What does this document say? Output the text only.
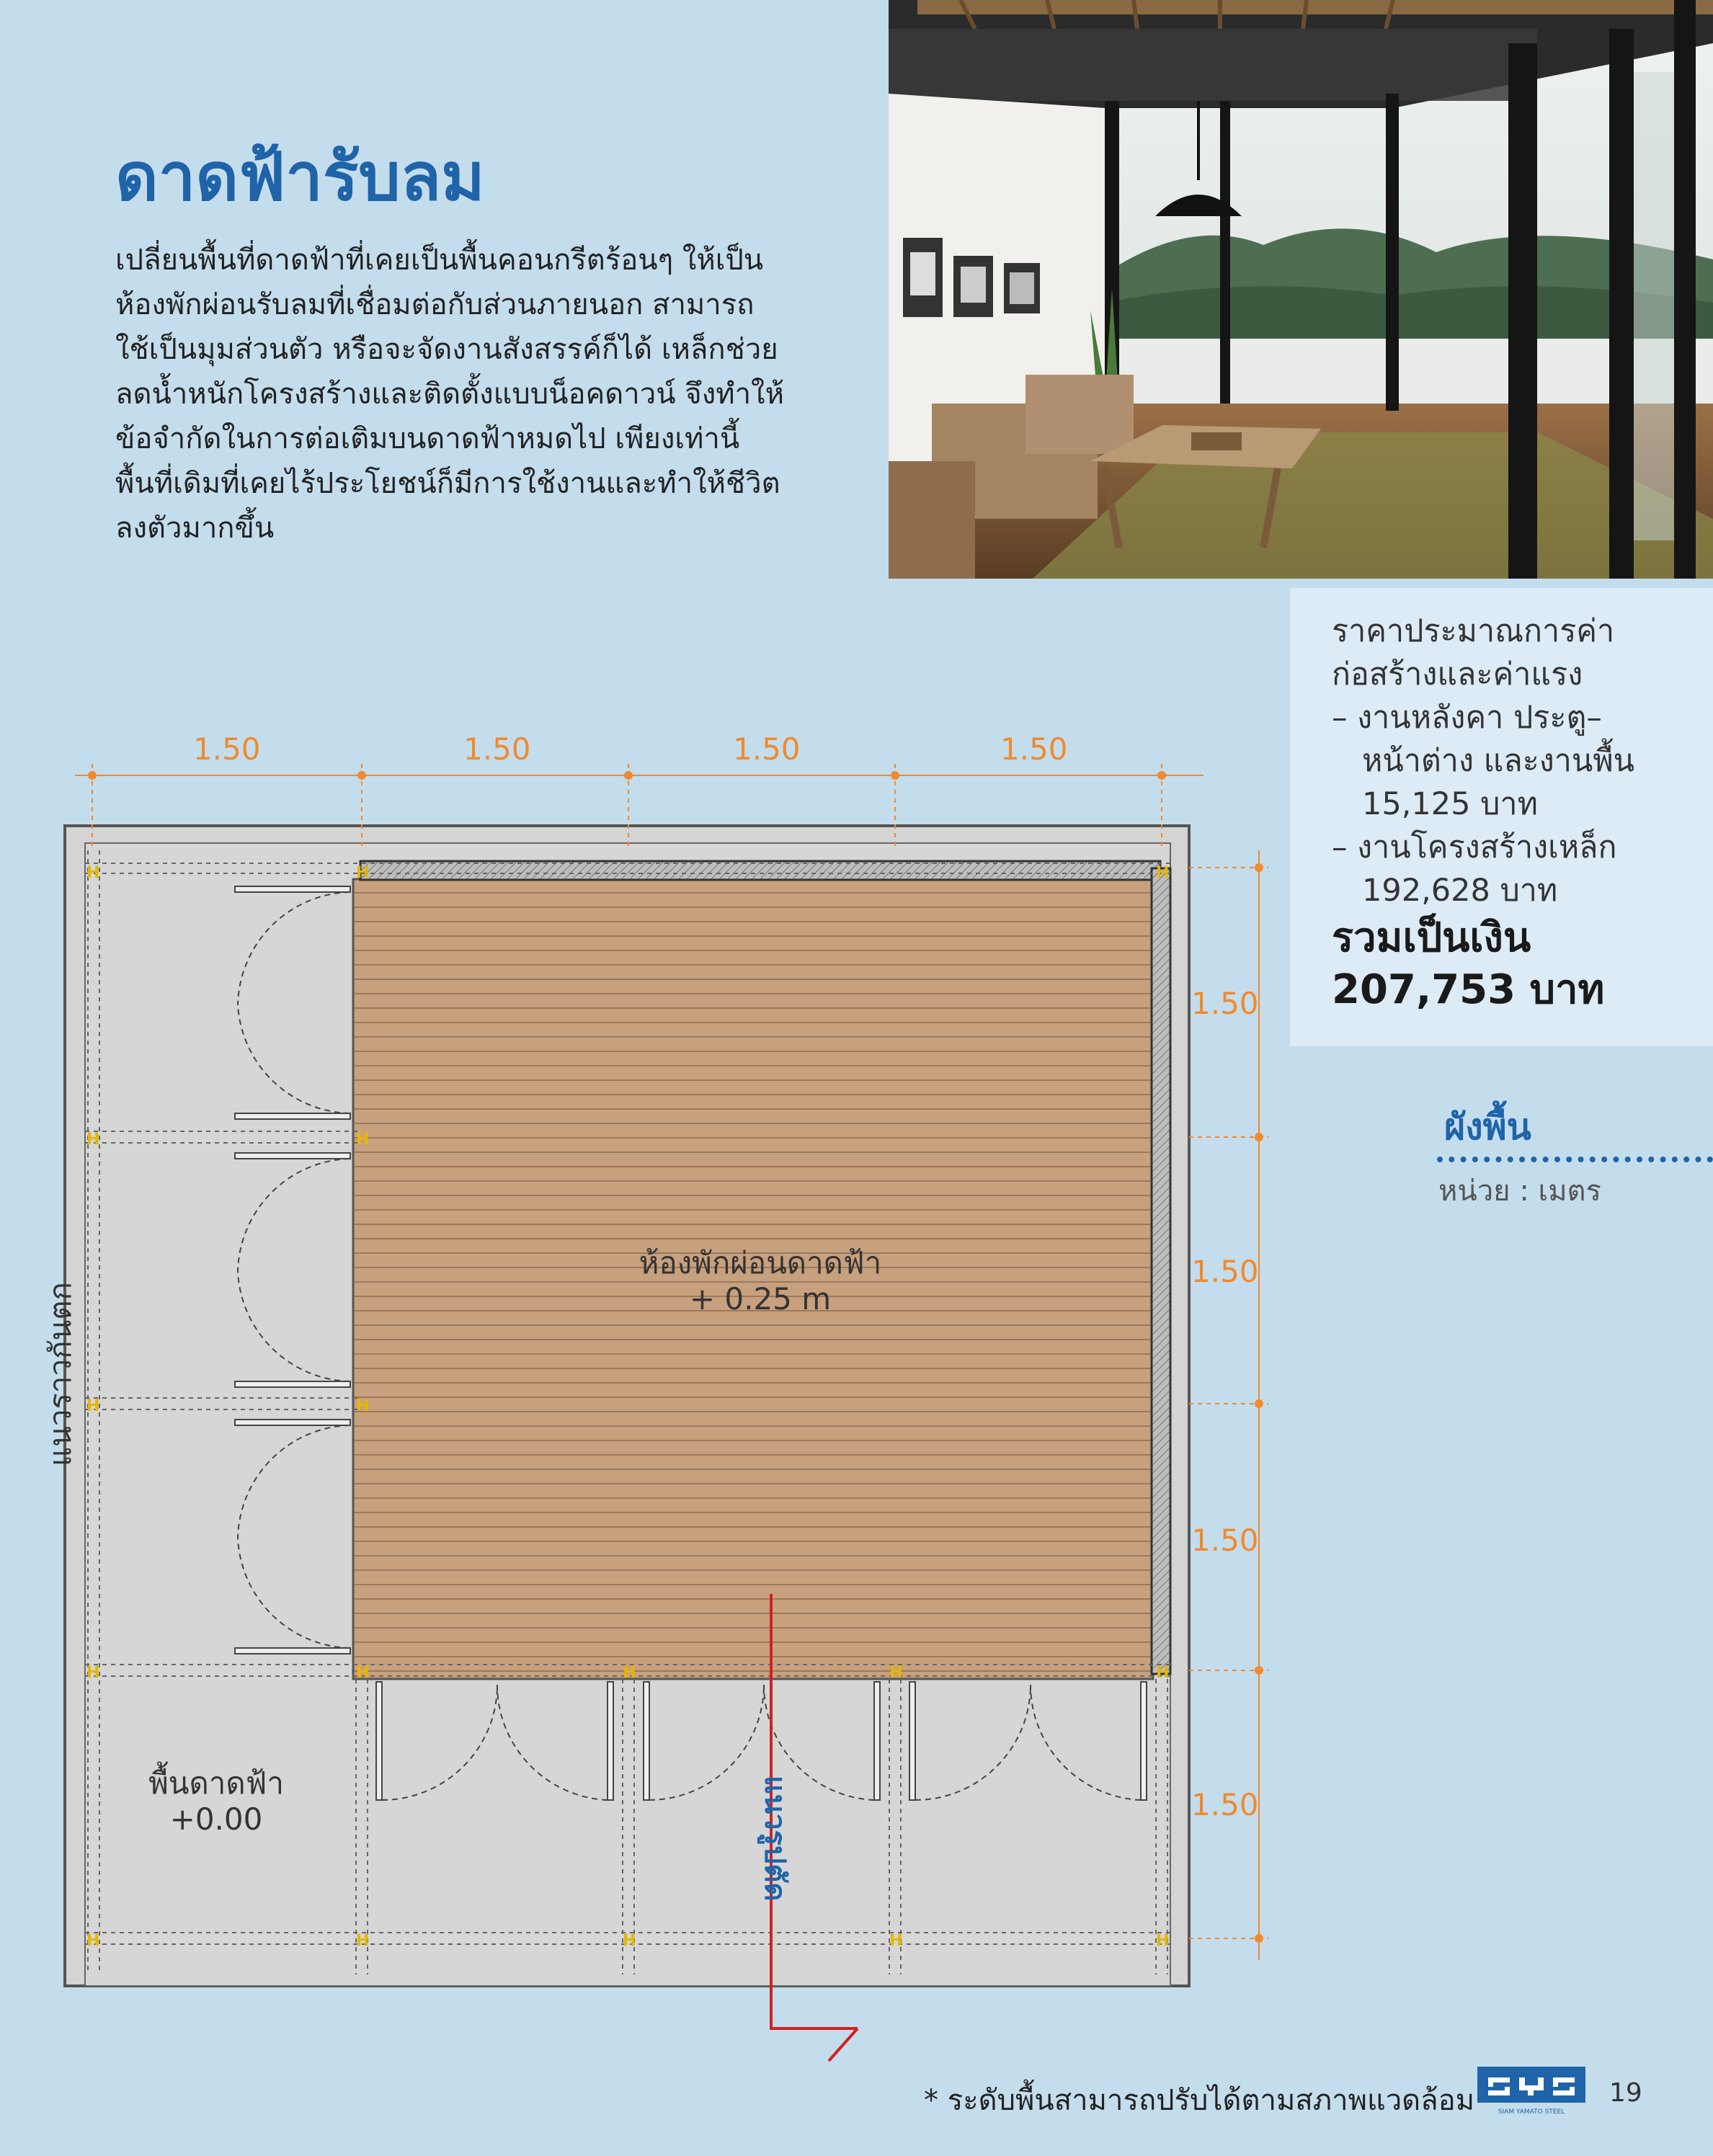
ดาดฟ้ารับลม
เปลี่ยนพื้นที่ดาดฟ้าที่เคยเป็นพื้นคอนกรีตร้อนๆ ให้เป็น
ห้องพักผ่อนรับลมที่เชื่อมต่อกับส่วนภายนอก สามารถ
ใช้เป็นมุมส่วนตัว หรือจะจัดงานสังสรรค์ก็ได้ เหล็กช่วย
ลดน้ำหนักโครงสร้างและติดตั้งแบบน็อคดาวน์ จึงทำให้
ข้อจำกัดในการต่อเติมบนดาดฟ้าหมดไป เพียงเท่านี้
พื้นที่เดิมที่เคยไร้ประโยชน์ก็มีการใช้งานและทำให้ชีวิต
ลงตัวมากขึ้น
ราคาประมาณการค่า
ก่อสร้างและค่าแรง
– งานหลังคา ประตู–
หน้าต่าง และงานพื้น
15,125 บาท
– งานโครงสร้างเหล็ก
192,628 บาท
รวมเป็นเงิน
207,753 บาท
ผังพื้น
หน่วย : เมตร
H	H	H
H	H
H	H
H	H	H	H	H
H	H	H	H	H
1.50	1.50	1.50	1.50
1.50
1.50
1.50
1.50
ห้องพักผ่อนดาดฟ้า
+ 0.25 m
พื้นดาดฟ้า
+0.00
แนวราวกันตก
แนวรูปตัด
* ระดับพื้นสามารถปรับได้ตามสภาพแวดล้อม	SIAM YAMATO STEEL
19
